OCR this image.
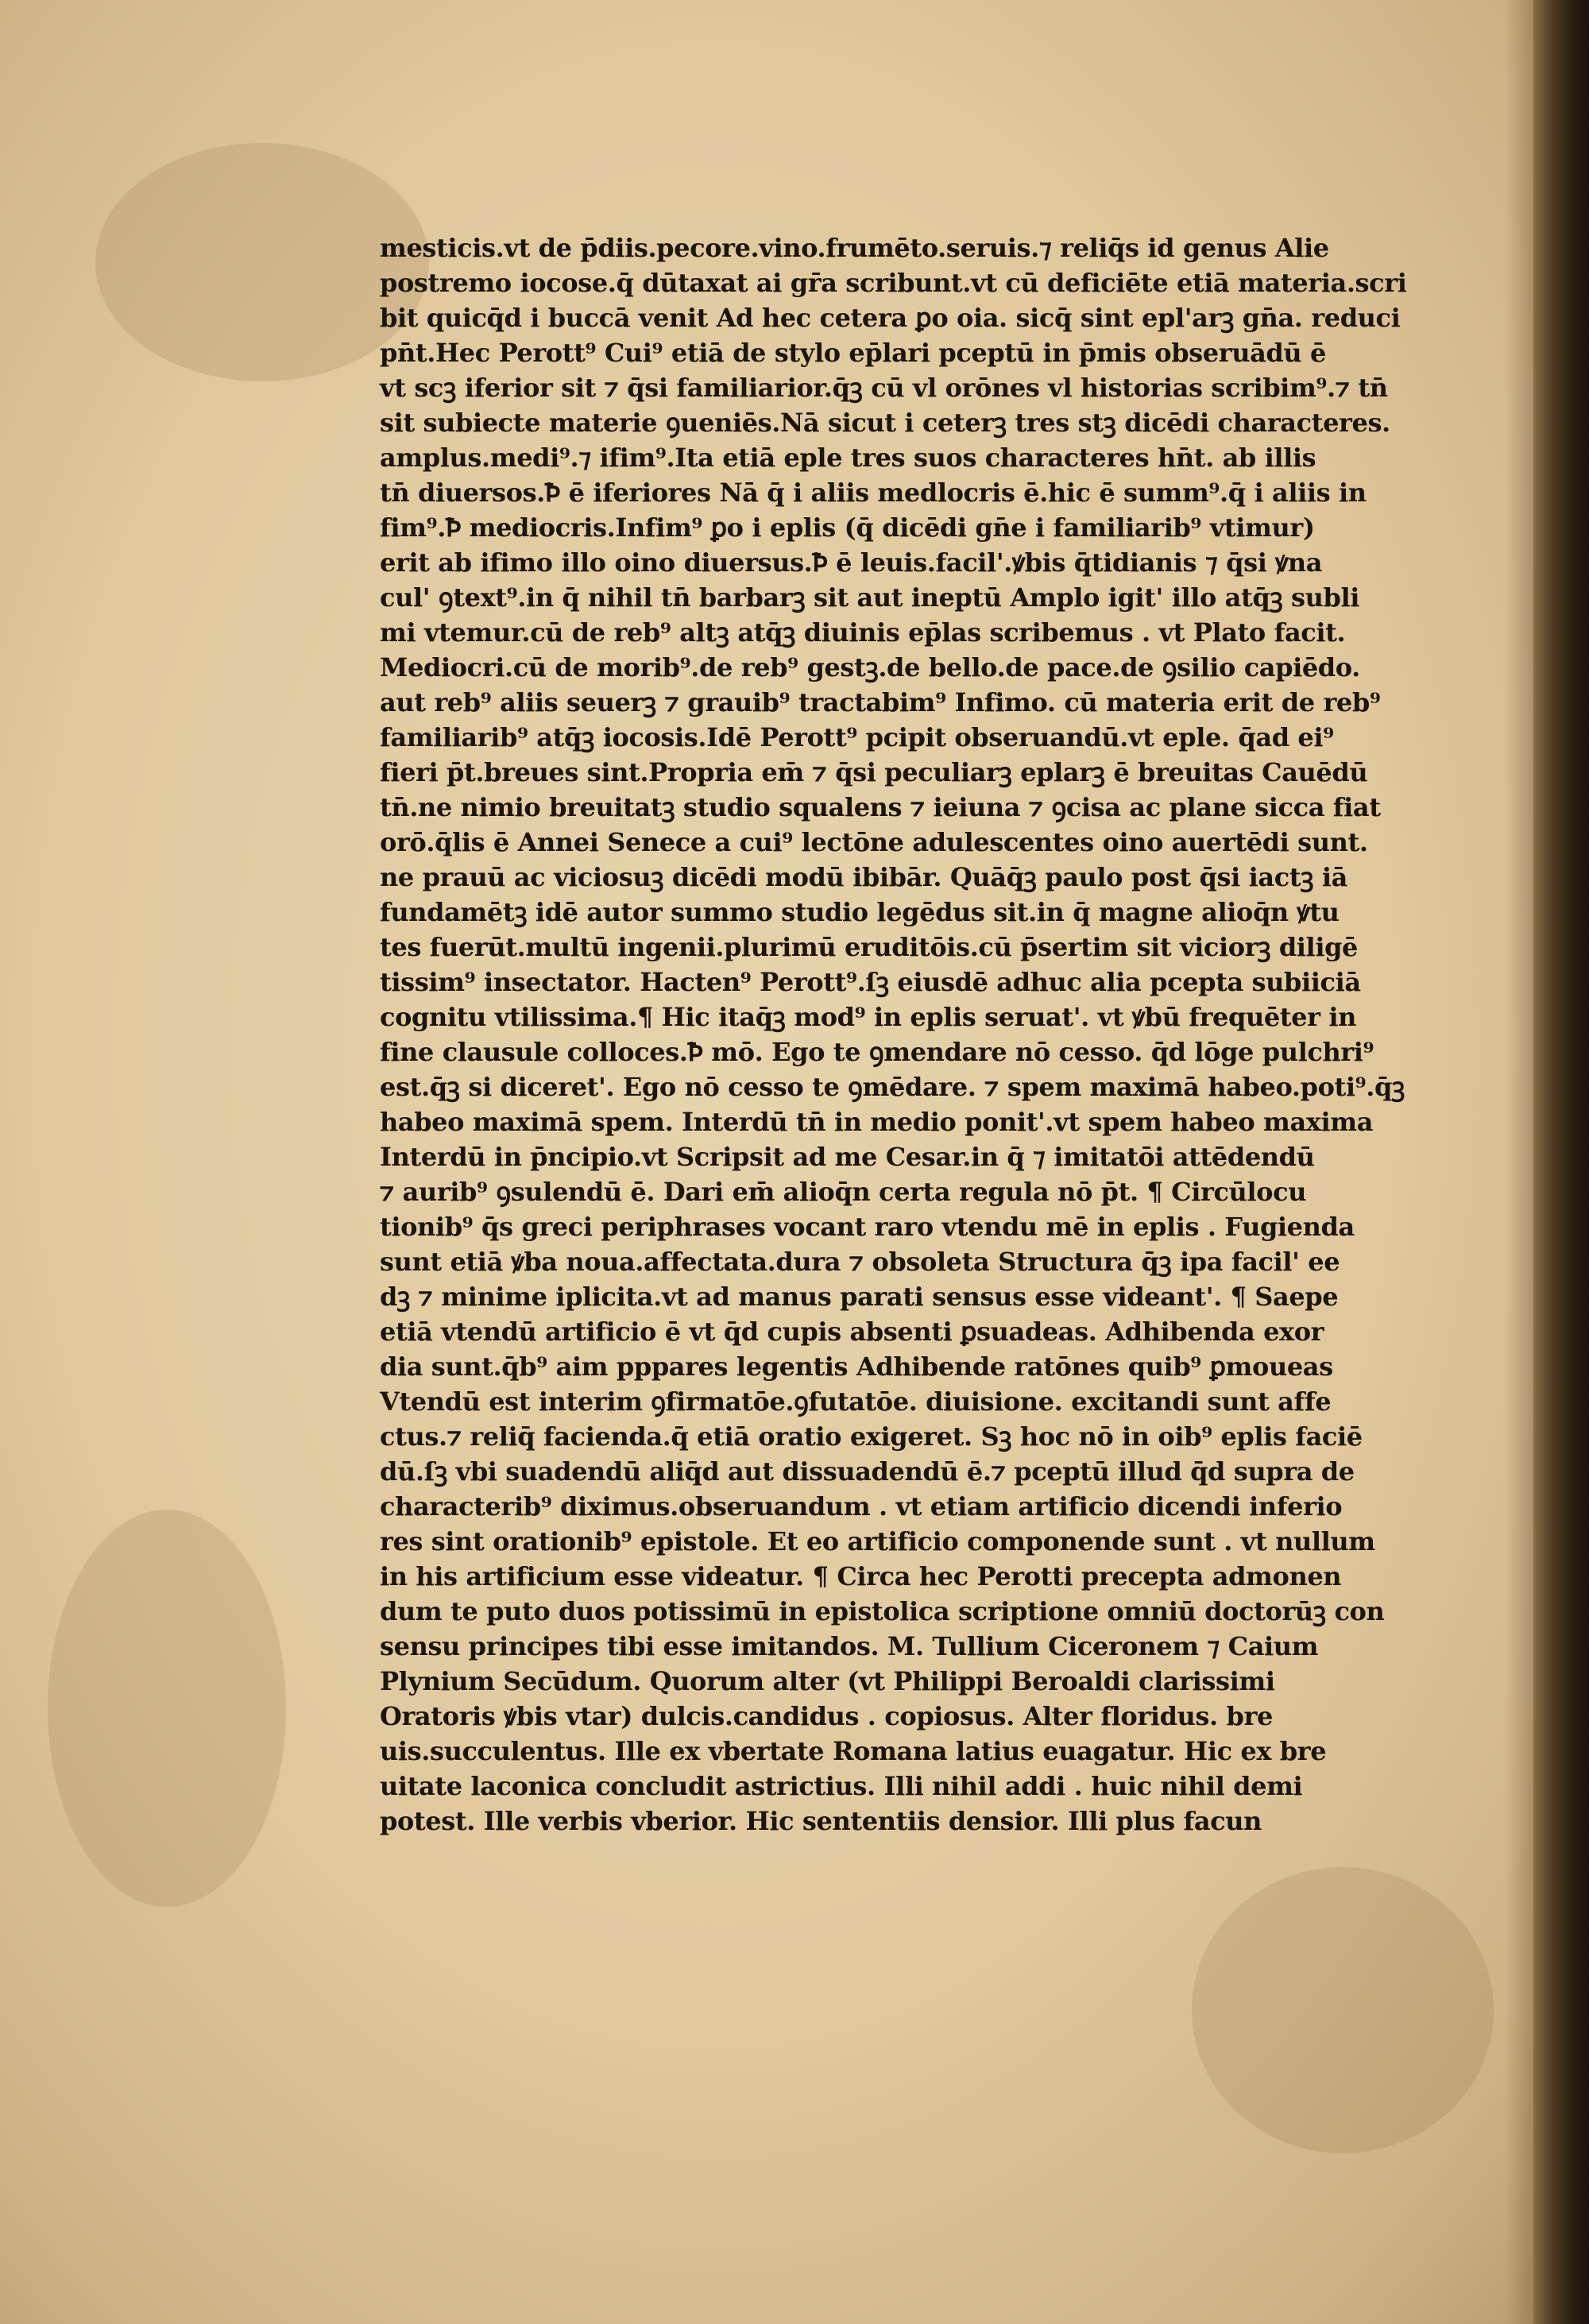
mesticis.vt de p̄diis.pecore.vino.frumēto.seruis.⁊ reliq̄s id genus Alie
postremo iocose.q̄ dūtaxat ai gr̄a scribunt.vt cū deficiēte etiā materia.scri
bit quicq̄d i buccā venit Ad hec cetera ꝑo oia. sicq̄ sint epl'arꝫ gn̄a. reduci
pn̄t.Hec Perott⁹ Cui⁹ etiā de stylo ep̄lari pceptū in p̄mis obseruādū ē
vt scꝫ iferior sit ⁊ q̄si familiarior.q̄ꝫ cū vl orōnes vl historias scribim⁹.⁊ tn̄
sit subiecte materie ꝯueniēs.Nā sicut i ceterꝫ tres stꝫ dicēdi characteres.
amplus.medi⁹.⁊ ifim⁹.Ita etiā eple tres suos characteres hn̄t. ab illis
tn̄ diuersos.Ꝥ ē iferiores Nā q̄ i aliis medlocris ē.hic ē summ⁹.q̄ i aliis in
fim⁹.Ꝥ mediocris.Infim⁹ ꝑo i eplis (q̄ dicēdi gn̄e i familiarib⁹ vtimur)
erit ab ifimo illo oino diuersus.Ꝥ ē leuis.facil'.ꝟbis q̄tidianis ⁊ q̄si ꝟna
cul' ꝯtext⁹.in q̄ nihil tn̄ barbarꝫ sit aut ineptū Amplo igit' illo atq̄ꝫ subli
mi vtemur.cū de reb⁹ altꝫ atq̄ꝫ diuinis ep̄las scribemus . vt Plato facit.
Mediocri.cū de morib⁹.de reb⁹ gestꝫ.de bello.de pace.de ꝯsilio capiēdo.
aut reb⁹ aliis seuerꝫ ⁊ grauib⁹ tractabim⁹ Infimo. cū materia erit de reb⁹
familiarib⁹ atq̄ꝫ iocosis.Idē Perott⁹ pcipit obseruandū.vt eple. q̄ad ei⁹
fieri p̄t.breues sint.Propria em̄ ⁊ q̄si peculiarꝫ eplarꝫ ē breuitas Cauēdū
tn̄.ne nimio breuitatꝫ studio squalens ⁊ ieiuna ⁊ ꝯcisa ac plane sicca fiat
orō.q̄lis ē Annei Senece a cui⁹ lectōne adulescentes oino auertēdi sunt.
ne prauū ac viciosuꝫ dicēdi modū ibibār. Quāq̄ꝫ paulo post q̄si iactꝫ iā
fundamētꝫ idē autor summo studio legēdus sit.in q̄ magne alioq̄n ꝟtu
tes fuerūt.multū ingenii.plurimū eruditōis.cū p̄sertim sit viciorꝫ diligē
tissim⁹ insectator. Hacten⁹ Perott⁹.ſꝫ eiusdē adhuc alia pcepta subiiciā
cognitu vtilissima.¶ Hic itaq̄ꝫ mod⁹ in eplis seruat'. vt ꝟbū frequēter in
fine clausule colloces.Ꝥ mō. Ego te ꝯmendare nō cesso. q̄d lōge pulchri⁹
est.q̄ꝫ si diceret'. Ego nō cesso te ꝯmēdare. ⁊ spem maximā habeo.poti⁹.q̄ꝫ
habeo maximā spem. Interdū tn̄ in medio ponit'.vt spem habeo maxima
Interdū in p̄ncipio.vt Scripsit ad me Cesar.in q̄ ⁊ imitatōi attēdendū
⁊ aurib⁹ ꝯsulendū ē. Dari em̄ alioq̄n certa regula nō p̄t. ¶ Circūlocu
tionib⁹ q̄s greci periphrases vocant raro vtendu mē in eplis . Fugienda
sunt etiā ꝟba noua.affectata.dura ⁊ obsoleta Structura q̄ꝫ ipa facil' ee
dꝫ ⁊ minime iplicita.vt ad manus parati sensus esse videant'. ¶ Saepe
etiā vtendū artificio ē vt q̄d cupis absenti ꝑsuadeas. Adhibenda exor
dia sunt.q̄b⁹ aim pppares legentis Adhibende ratōnes quib⁹ ꝑmoueas
Vtendū est interim ꝯfirmatōe.ꝯfutatōe. diuisione. excitandi sunt affe
ctus.⁊ reliq̄ facienda.q̄ etiā oratio exigeret. Sꝫ hoc nō in oib⁹ eplis faciē
dū.ſꝫ vbi suadendū aliq̄d aut dissuadendū ē.⁊ pceptū illud q̄d supra de
characterib⁹ diximus.obseruandum . vt etiam artificio dicendi inferio
res sint orationib⁹ epistole. Et eo artificio componende sunt . vt nullum
in his artificium esse videatur. ¶ Circa hec Perotti precepta admonen
dum te puto duos potissimū in epistolica scriptione omniū doctorūꝫ con
sensu principes tibi esse imitandos. M. Tullium Ciceronem ⁊ Caium
Plynium Secūdum. Quorum alter (vt Philippi Beroaldi clarissimi
Oratoris ꝟbis vtar) dulcis.candidus . copiosus. Alter floridus. bre
uis.succulentus. Ille ex vbertate Romana latius euagatur. Hic ex bre
uitate laconica concludit astrictius. Illi nihil addi . huic nihil demi
potest. Ille verbis vberior. Hic sententiis densior. Illi plus facun
